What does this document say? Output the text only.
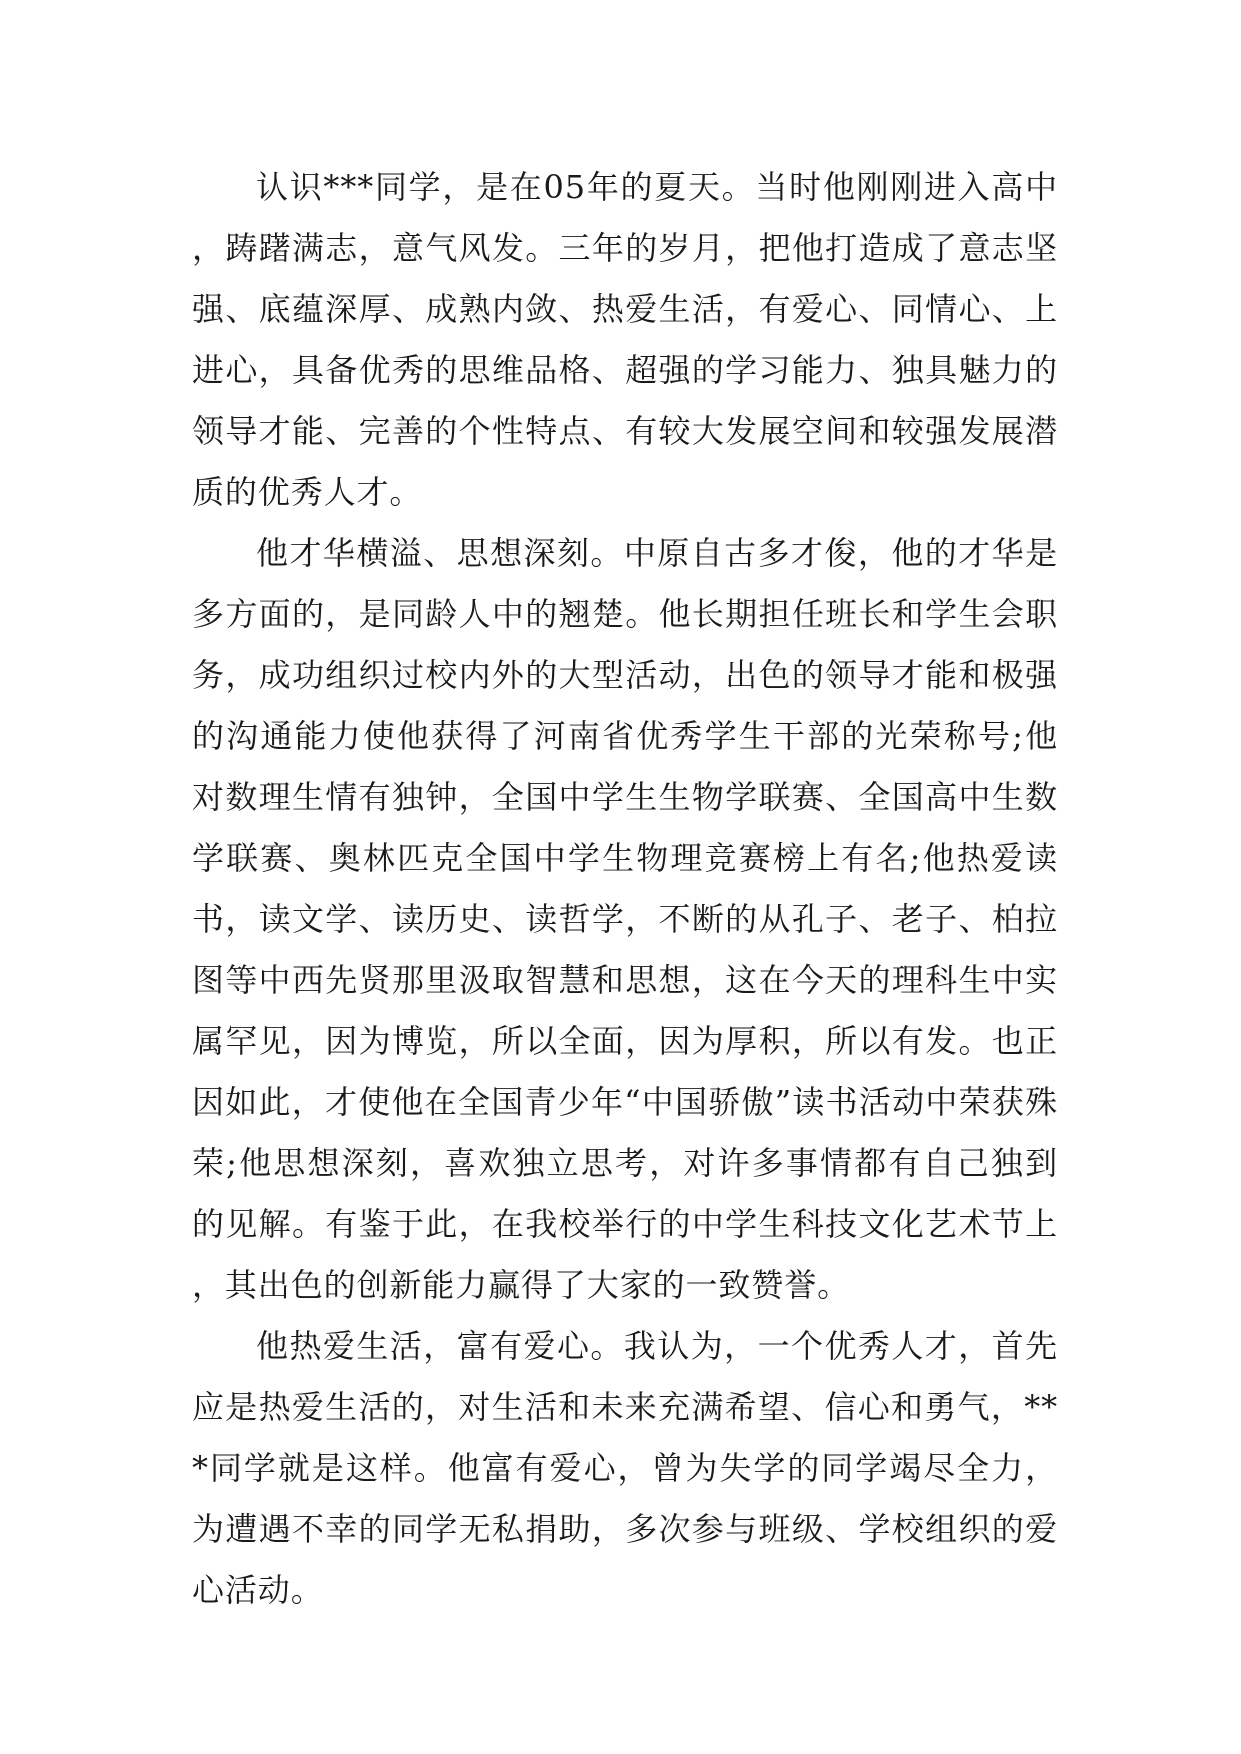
认识***同学，是在05年的夏天。当时他刚刚进入高中，踌躇满志，意气风发。三年的岁月，把他打造成了意志坚强、底蕴深厚、成熟内敛、热爱生活，有爱心、同情心、上进心，具备优秀的思维品格、超强的学习能力、独具魅力的领导才能、完善的个性特点、有较大发展空间和较强发展潜质的优秀人才。

他才华横溢、思想深刻。中原自古多才俊，他的才华是多方面的，是同龄人中的翘楚。他长期担任班长和学生会职务，成功组织过校内外的大型活动，出色的领导才能和极强的沟通能力使他获得了河南省优秀学生干部的光荣称号;他对数理生情有独钟，全国中学生生物学联赛、全国高中生数学联赛、奥林匹克全国中学生物理竞赛榜上有名;他热爱读书，读文学、读历史、读哲学，不断的从孔子、老子、柏拉图等中西先贤那里汲取智慧和思想，这在今天的理科生中实属罕见，因为博览，所以全面，因为厚积，所以有发。也正因如此，才使他在全国青少年“中国骄傲”读书活动中荣获殊荣;他思想深刻，喜欢独立思考，对许多事情都有自己独到的见解。有鉴于此，在我校举行的中学生科技文化艺术节上，其出色的创新能力赢得了大家的一致赞誉。

他热爱生活，富有爱心。我认为，一个优秀人才，首先应是热爱生活的，对生活和未来充满希望、信心和勇气，***同学就是这样。他富有爱心，曾为失学的同学竭尽全力，为遭遇不幸的同学无私捐助，多次参与班级、学校组织的爱心活动。
